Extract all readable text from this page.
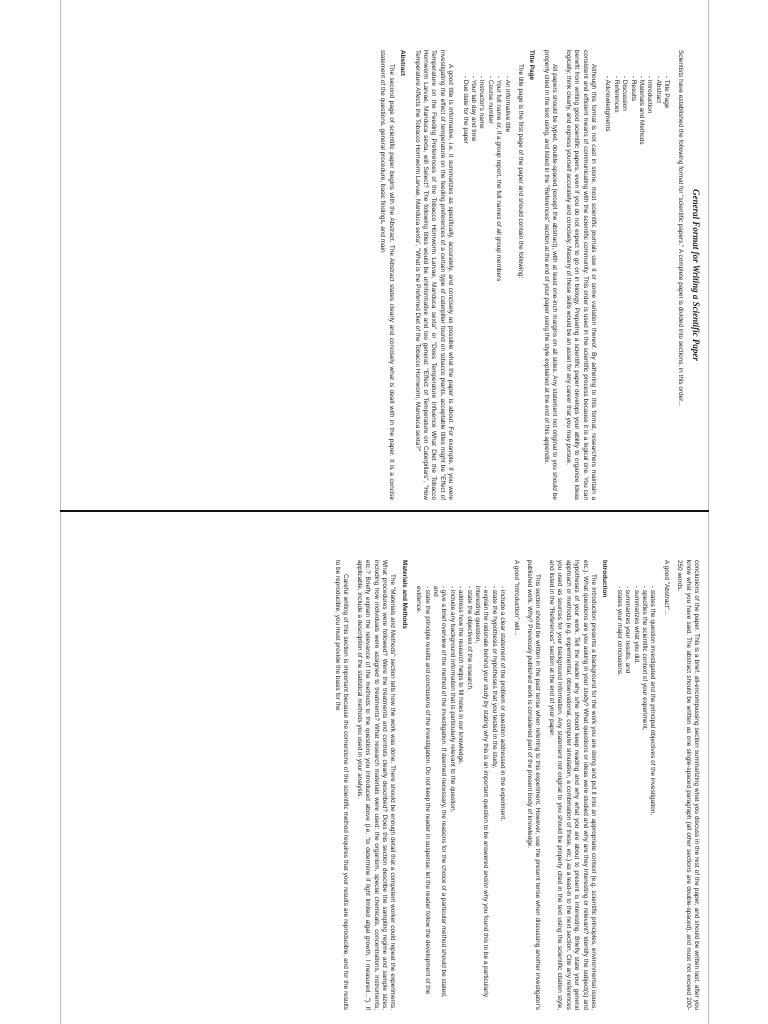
General Format for Writing a Scientific Paper

Scientists have established the following format for "scientific papers." A complete paper is divided into sections, in this order...

- Title Page
- Abstract
- Introduction
- Materials and Methods
- Results
- Discussion
- References
- Acknowledgments

Although this format is not cast in stone, most scientific journals use it or some variation thereof. By adhering to this format, researchers maintain a consistent and efficient means of communicating with the scientific community. This order is used in the scientific process because it is a logical one. You can benefit from writing good scientific papers, even if you do not expect to go on in biology. Preparing a scientific paper develops your ability to organize ideas logically, think clearly, and express yourself accurately and concisely. Mastery of these skills would be an asset for any career that you may pursue.

All papers should be typed, double-spaced (except the abstract), with at least one-inch margins on all sides. Any statement not original to you should be properly cited in the text using, and listed in the "References" section at the end of your paper using the style explained at the end of this appendix.

Title Page

The title page is the first page of the paper and should contain the following:

- An informative title
- Your full name or, if a group report, the full names of all group members
- Course number
- Instructor's name
- Your lab day and time
- Due date for the paper

A good title is informative, i.e. it summarizes as specifically, accurately, and concisely as possible what the paper is about. For example, if you were investigating the effect of temperature on the feeding preferences of a certain type of caterpillar found on tobacco plants, acceptable titles might be "Effect of Temperature on the Feeding Preferences of the Tobacco Hornworm Larvae, Manduca sexta" or "Does Temperature Influence What Diet the Tobacco Hornworm Larvae, Manduca sexta, will Select? The following titles would be uninformative and too general: "Effect of Temperature on Caterpillars", "How Temperature Affects the Tobacco Hornworm Larvae, Manduca sexta", "What is the Preferred Diet of the Tobacco Hornworm, Manduca sexta?"

Abstract

The second page of scientific paper begins with the Abstract. The Abstract states clearly and concisely what is dealt with in the paper. It is a concise statement of the questions, general procedure, basic findings, and main

conclusions of the paper. This is a brief, all-encompassing section summarizing what you discuss in the rest of the paper, and should be written last, after you know what you have said. The abstract should be written as one single-spaced paragraph (all other sections are double-spaced), and must not exceed 200-250 words.

A good "Abstract"...

- states the question investigated and the principal objectives of the investigation,
- specifies the scientific context of your experiment,
- summarizes what you did,
- summarizes your results, and
- states your major conclusions.
Introduction

The Introduction presents a background for the work you are doing and put it into an appropriate context (e.g. scientific principles, environmental issues, etc.). What questions are you asking in your study? What questions or ideas were studied and why are they interesting or relevant? Identify the subject(s) and hypotheses of your work. Tell the reader why s/he should keep reading and why what you are about to present is interesting. Briefly state your general approach or methods (e.g. experimental, observational, computer simulation, a combination of these, etc.) as a lead-in to the next section. Cite any references you used as sources for your background information. Any statement not original to you should be properly cited in the text using the scientific citation style, and listed in the "References" section at the end of your paper.

This section should be written in the past tense when referring to this experiment. However, use the present tense when discussing another investigator's published work. Why? Previously published work is considered part of the present body of knowledge.

A good "Introduction" will...

- include a clear statement of the problem or question addressed in the experiment,
- state the hypothesis or hypotheses that you tested in the study,
- explain the rationale behind your study by stating why this is an important question to be answered and/or why you found this to be a particularly interesting question,
- state the objectives of the research,
- address how the research helps to fill holes in our knowledge,
- include any background information that is particularly relevant to the question,
- give a brief overview of the method of the investigation. If deemed necessary, the reasons for the choice of a particular method should be stated, and
- state the principle results and conclusions of the investigation. Do not keep the reader in suspense: let the reader follow the development of the evidence.
Materials and Methods

The "Materials and Methods" section tells how the work was done. There should be enough detail that a competent worker could repeat the experiments. What procedures were followed? Were the treatments and controls clearly described? Does this section describe the sampling regime and sample sizes, including how individuals were assigned to treatments? What research materials were used: the organism, special chemicals, concentrations, instruments, etc.? Briefly explain the relevance of the methods to the questions you introduced above (i.e. "to determine if light limited algal growth, I measured..."). If applicable, include a description of the statistical methods you used in your analysis.

Careful writing of this section is important because the cornerstone of the scientific method requires that your results are reproducible, and for the results to be reproducible, you must provide the basis for the
